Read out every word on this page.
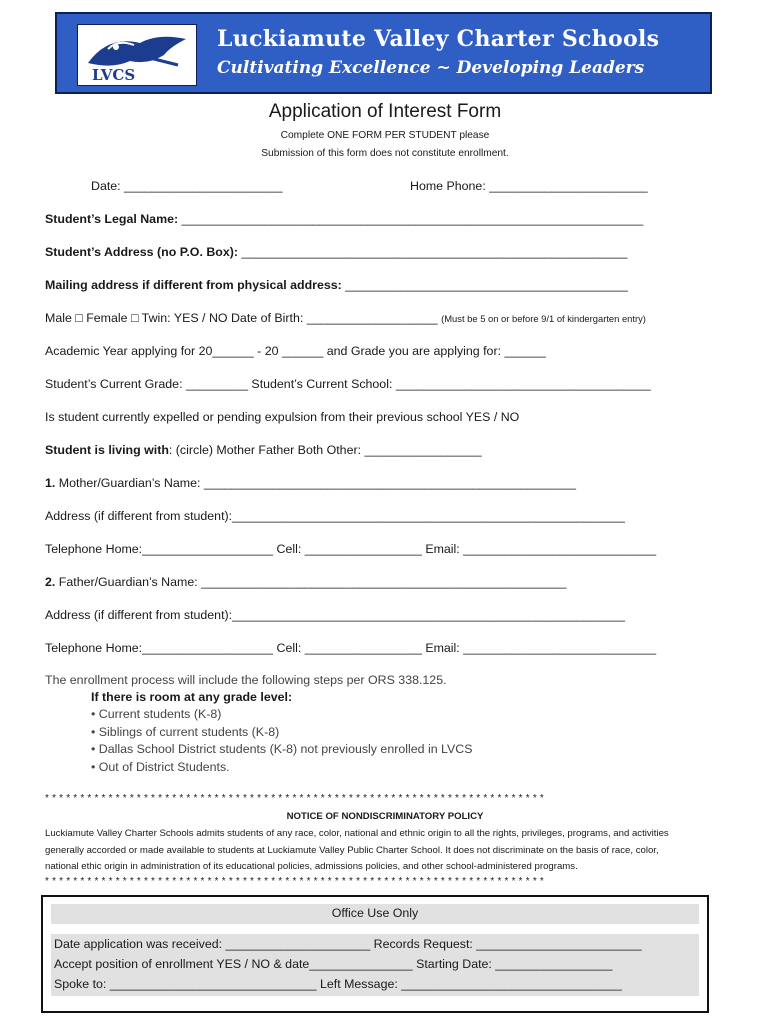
LVCS
Luckiamute Valley Charter Schools
Cultivating Excellence ~ Developing Leaders
Application of Interest Form
Complete ONE FORM PER STUDENT please
Submission of this form does not constitute enrollment.
Date: _______________________	Home Phone: _______________________
Student’s Legal Name: ___________________________________________________________________
Student’s Address (no P.O. Box): ________________________________________________________
Mailing address if different from physical address: _________________________________________
Male □ Female □ Twin: YES / NO Date of Birth: ___________________ (Must be 5 on or before 9/1 of kindergarten entry)
Academic Year applying for 20______ - 20 ______ and Grade you are applying for: ______
Student’s Current Grade: _________ Student’s Current School: _____________________________________
Is student currently expelled or pending expulsion from their previous school YES / NO
Student is living with: (circle) Mother Father Both Other: _________________
1. Mother/Guardian’s Name: ______________________________________________________
Address (if different from student):_________________________________________________________
Telephone Home:___________________ Cell: _________________ Email: ____________________________
2. Father/Guardian’s Name: _____________________________________________________
Address (if different from student):_________________________________________________________
Telephone Home:___________________ Cell: _________________ Email: ____________________________
The enrollment process will include the following steps per ORS 338.125.
If there is room at any grade level:
• Current students (K-8)
• Siblings of current students (K-8)
• Dallas School District students (K-8) not previously enrolled in LVCS
• Out of District Students.
* * * * * * * * * * * * * * * * * * * * * * * * * * * * * * * * * * * * * * * * * * * * * * * * * * * * * * * * * * * * * * * * * * * * * * *
NOTICE OF NONDISCRIMINATORY POLICY
Luckiamute Valley Charter Schools admits students of any race, color, national and ethnic origin to all the rights, privileges, programs, and activities
generally accorded or made available to students at Luckiamute Valley Public Charter School. It does not discriminate on the basis of race, color,
national ethic origin in administration of its educational policies, admissions policies, and other school-administered programs.
* * * * * * * * * * * * * * * * * * * * * * * * * * * * * * * * * * * * * * * * * * * * * * * * * * * * * * * * * * * * * * * * * * * * * * *
Office Use Only
Date application was received: _____________________ Records Request: ________________________
Accept position of enrollment YES / NO & date_______________ Starting Date: _________________
Spoke to: ______________________________ Left Message: ________________________________
